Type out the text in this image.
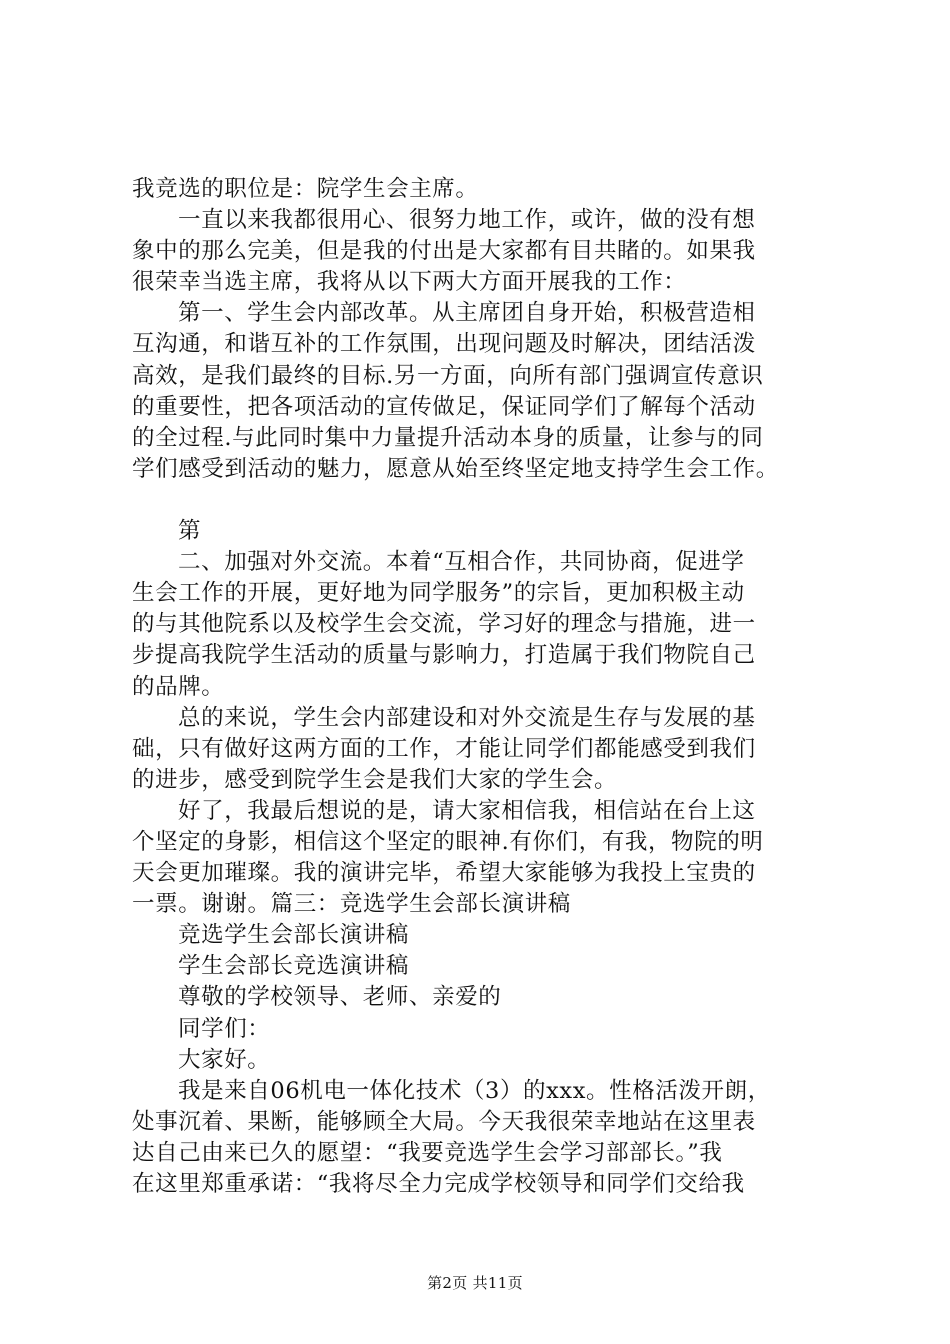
我竞选的职位是：院学生会主席。
一直以来我都很用心、很努力地工作，或许，做的没有想
象中的那么完美，但是我的付出是大家都有目共睹的。如果我
很荣幸当选主席，我将从以下两大方面开展我的工作：
第一、学生会内部改革。从主席团自身开始，积极营造相
互沟通，和谐互补的工作氛围，出现问题及时解决，团结活泼
高效，是我们最终的目标.另一方面，向所有部门强调宣传意识
的重要性，把各项活动的宣传做足，保证同学们了解每个活动
的全过程.与此同时集中力量提升活动本身的质量，让参与的同
学们感受到活动的魅力，愿意从始至终坚定地支持学生会工作。
第
二、加强对外交流。本着“互相合作，共同协商，促进学
生会工作的开展，更好地为同学服务”的宗旨，更加积极主动
的与其他院系以及校学生会交流，学习好的理念与措施，进一
步提高我院学生活动的质量与影响力，打造属于我们物院自己
的品牌。
总的来说，学生会内部建设和对外交流是生存与发展的基
础，只有做好这两方面的工作，才能让同学们都能感受到我们
的进步，感受到院学生会是我们大家的学生会。
好了，我最后想说的是，请大家相信我，相信站在台上这
个坚定的身影，相信这个坚定的眼神.有你们，有我，物院的明
天会更加璀璨。我的演讲完毕，希望大家能够为我投上宝贵的
一票。谢谢。篇三：竞选学生会部长演讲稿
竞选学生会部长演讲稿
学生会部长竞选演讲稿
尊敬的学校领导、老师、亲爱的
同学们：
大家好。
我是来自06机电一体化技术（3）的xxx。性格活泼开朗，
处事沉着、果断，能够顾全大局。今天我很荣幸地站在这里表
达自己由来已久的愿望：“我要竞选学生会学习部部长。”我
在这里郑重承诺：“我将尽全力完成学校领导和同学们交给我
第2页 共11页
